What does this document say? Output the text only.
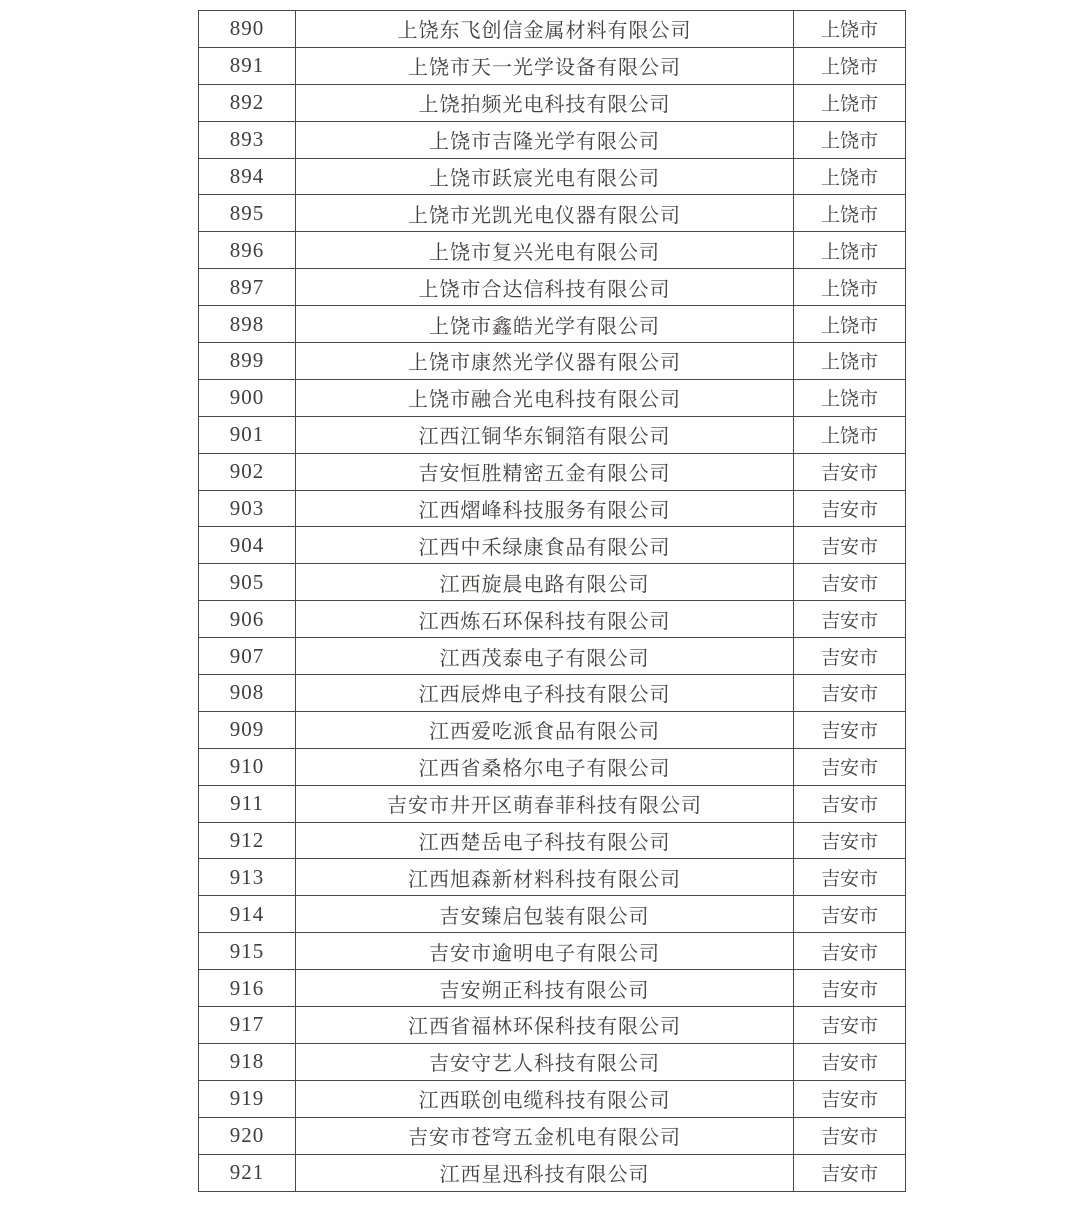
890	上饶东飞创信金属材料有限公司	上饶市
891	上饶市天一光学设备有限公司	上饶市
892	上饶拍频光电科技有限公司	上饶市
893	上饶市吉隆光学有限公司	上饶市
894	上饶市跃宸光电有限公司	上饶市
895	上饶市光凯光电仪器有限公司	上饶市
896	上饶市复兴光电有限公司	上饶市
897	上饶市合达信科技有限公司	上饶市
898	上饶市鑫皓光学有限公司	上饶市
899	上饶市康然光学仪器有限公司	上饶市
900	上饶市融合光电科技有限公司	上饶市
901	江西江铜华东铜箔有限公司	上饶市
902	吉安恒胜精密五金有限公司	吉安市
903	江西熠峰科技服务有限公司	吉安市
904	江西中禾绿康食品有限公司	吉安市
905	江西旋晨电路有限公司	吉安市
906	江西炼石环保科技有限公司	吉安市
907	江西茂泰电子有限公司	吉安市
908	江西辰烨电子科技有限公司	吉安市
909	江西爱吃派食品有限公司	吉安市
910	江西省桑格尔电子有限公司	吉安市
911	吉安市井开区萌春菲科技有限公司	吉安市
912	江西楚岳电子科技有限公司	吉安市
913	江西旭森新材料科技有限公司	吉安市
914	吉安臻启包装有限公司	吉安市
915	吉安市逾明电子有限公司	吉安市
916	吉安朔正科技有限公司	吉安市
917	江西省福林环保科技有限公司	吉安市
918	吉安守艺人科技有限公司	吉安市
919	江西联创电缆科技有限公司	吉安市
920	吉安市苍穹五金机电有限公司	吉安市
921	江西星迅科技有限公司	吉安市
